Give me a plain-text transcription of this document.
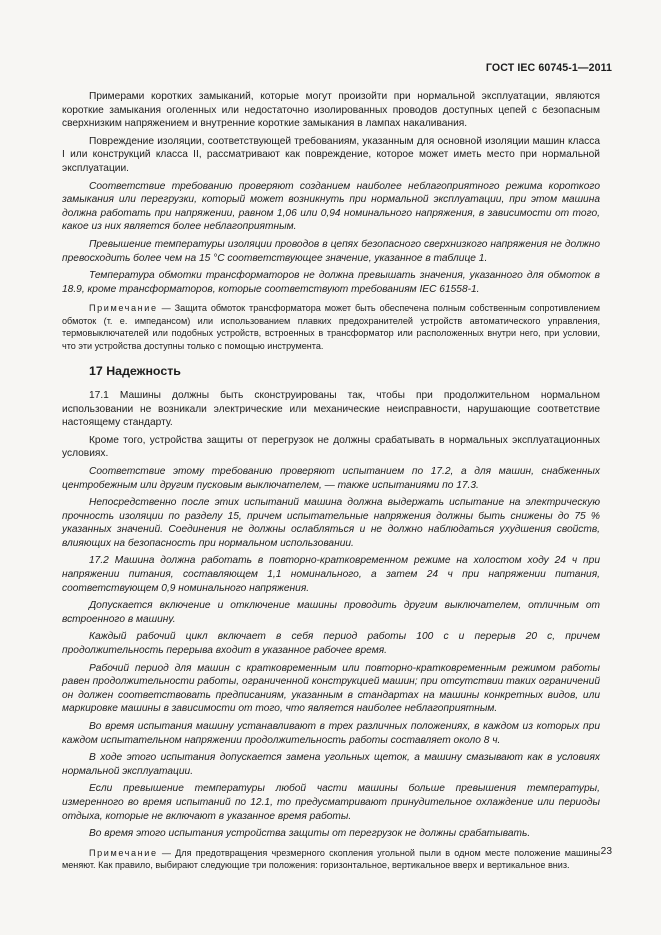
ГОСТ IEC 60745-1—2011

Примерами коротких замыканий, которые могут произойти при нормальной эксплуатации, являются короткие замыкания оголенных или недостаточно изолированных проводов доступных цепей с безопасным сверхнизким напряжением и внутренние короткие замыкания в лампах накаливания.

Повреждение изоляции, соответствующей требованиям, указанным для основной изоляции машин класса I или конструкций класса II, рассматривают как повреждение, которое может иметь место при нормальной эксплуатации.

Соответствие требованию проверяют созданием наиболее неблагоприятного режима короткого замыкания или перегрузки, который может возникнуть при нормальной эксплуатации, при этом машина должна работать при напряжении, равном 1,06 или 0,94 номинального напряжения, в зависимости от того, какое из них является более неблагоприятным.

Превышение температуры изоляции проводов в цепях безопасного сверхнизкого напряжения не должно превосходить более чем на 15 °С соответствующее значение, указанное в таблице 1.

Температура обмотки трансформаторов не должна превышать значения, указанного для обмоток в 18.9, кроме трансформаторов, которые соответствуют требованиям IEC 61558-1.

Примечание — Защита обмоток трансформатора может быть обеспечена полным собственным сопротивлением обмоток (т. е. импедансом) или использованием плавких предохранителей устройств автоматического управления, термовыключателей или подобных устройств, встроенных в трансформатор или расположенных внутри него, при условии, что эти устройства доступны только с помощью инструмента.

17 Надежность

17.1 Машины должны быть сконструированы так, чтобы при продолжительном нормальном использовании не возникали электрические или механические неисправности, нарушающие соответствие настоящему стандарту.

Кроме того, устройства защиты от перегрузок не должны срабатывать в нормальных эксплуатационных условиях.

Соответствие этому требованию проверяют испытанием по 17.2, а для машин, снабженных центробежным или другим пусковым выключателем, — также испытаниями по 17.3.

Непосредственно после этих испытаний машина должна выдержать испытание на электрическую прочность изоляции по разделу 15, причем испытательные напряжения должны быть снижены до 75 % указанных значений. Соединения не должны ослабляться и не должно наблюдаться ухудшения свойств, влияющих на безопасность при нормальном использовании.

17.2 Машина должна работать в повторно-кратковременном режиме на холостом ходу 24 ч при напряжении питания, составляющем 1,1 номинального, а затем 24 ч при напряжении питания, соответствующем 0,9 номинального напряжения.

Допускается включение и отключение машины проводить другим выключателем, отличным от встроенного в машину.

Каждый рабочий цикл включает в себя период работы 100 с и перерыв 20 с, причем продолжительность перерыва входит в указанное рабочее время.

Рабочий период для машин с кратковременным или повторно-кратковременным режимом работы равен продолжительности работы, ограниченной конструкцией машин; при отсутствии таких ограничений он должен соответствовать предписаниям, указанным в стандартах на машины конкретных видов, или маркировке машины в зависимости от того, что является наиболее неблагоприятным.

Во время испытания машину устанавливают в трех различных положениях, в каждом из которых при каждом испытательном напряжении продолжительность работы составляет около 8 ч.

В ходе этого испытания допускается замена угольных щеток, а машину смазывают как в условиях нормальной эксплуатации.

Если превышение температуры любой части машины больше превышения температуры, измеренного во время испытаний по 12.1, то предусматривают принудительное охлаждение или периоды отдыха, которые не включают в указанное время работы.

Во время этого испытания устройства защиты от перегрузок не должны срабатывать.

Примечание — Для предотвращения чрезмерного скопления угольной пыли в одном месте положение машины меняют. Как правило, выбирают следующие три положения: горизонтальное, вертикальное вверх и вертикальное вниз.

23
